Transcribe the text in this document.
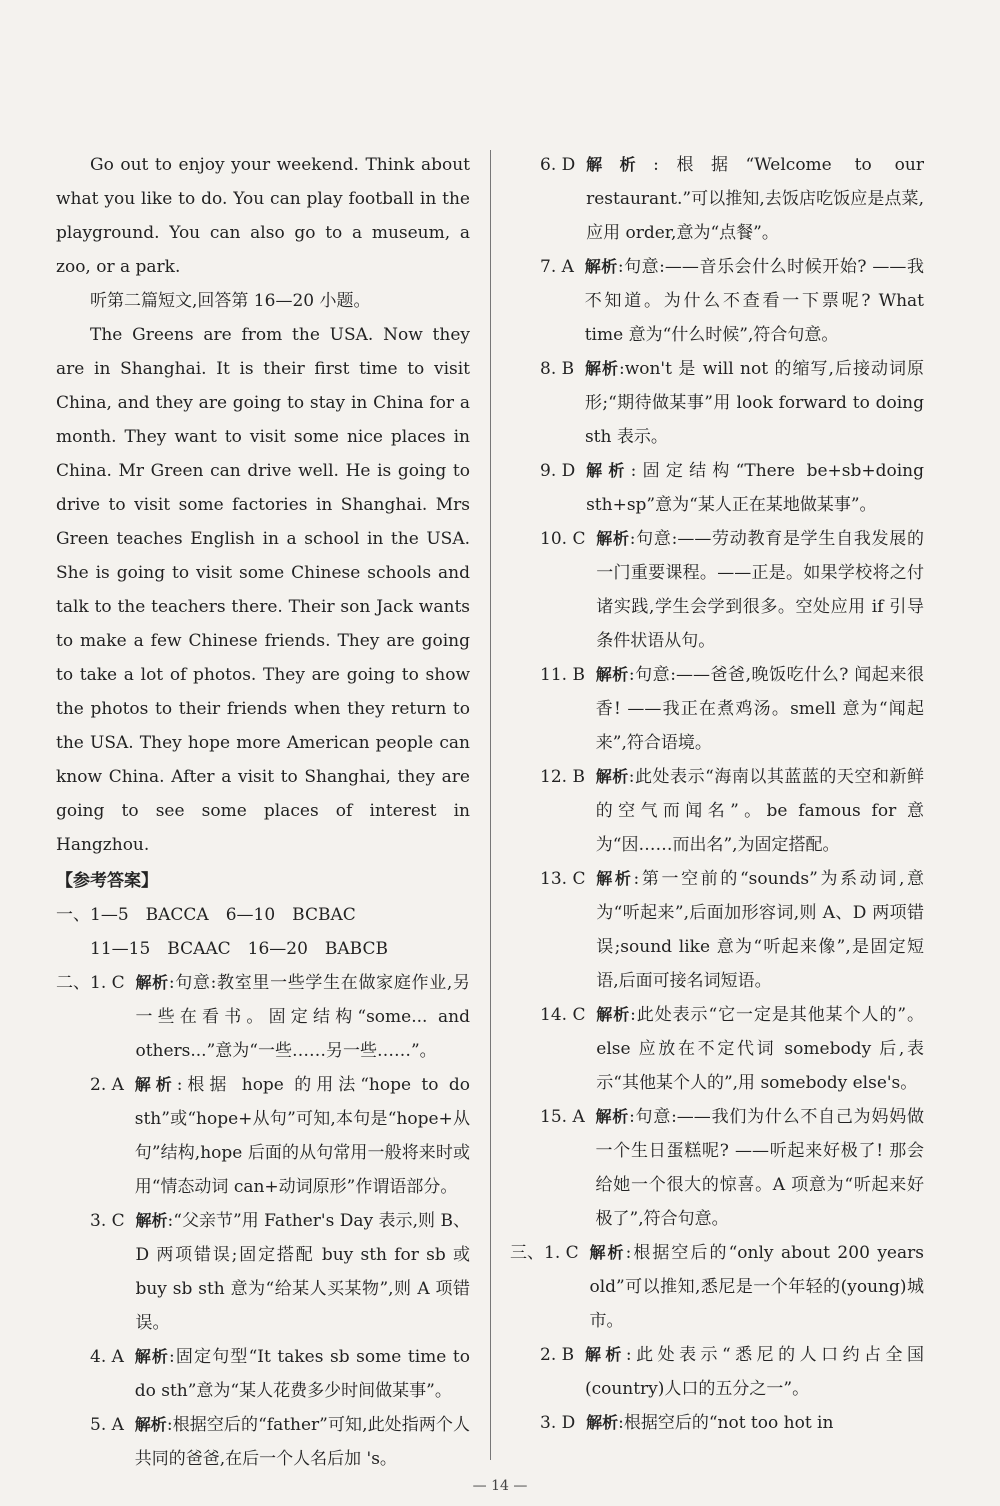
Go out to enjoy your weekend. Think about what you like to do. You can play football in the playground. You can also go to a museum, a zoo, or a park.

听第二篇短文,回答第 16—20 小题。

The Greens are from the USA. Now they are in Shanghai. It is their first time to visit China, and they are going to stay in China for a month. They want to visit some nice places in China. Mr Green can drive well. He is going to drive to visit some factories in Shanghai. Mrs Green teaches English in a school in the USA. She is going to visit some Chinese schools and talk to the teachers there. Their son Jack wants to make a few Chinese friends. They are going to take a lot of photos. They are going to show the photos to their friends when they return to the USA. They hope more American people can know China. After a visit to Shanghai, they are going to see some places of interest in Hangzhou.

【参考答案】

一、1—5　BACCA　6—10　BCBAC

　　11—15　BCAAC　16—20　BABCB

二、 1. C
解析:句意:教室里一些学生在做家庭作业,另一些在看书。固定结构“some... and others...”意为“一些……另一些……”。
2. A
解析:根据 hope 的用法“hope to do sth”或“hope+从句”可知,本句是“hope+从句”结构,hope 后面的从句常用一般将来时或用“情态动词 can+动词原形”作谓语部分。
3. C
解析:“父亲节”用 Father's Day 表示,则 B、D 两项错误;固定搭配 buy sth for sb 或 buy sb sth 意为“给某人买某物”,则 A 项错误。
4. A
解析:固定句型“It takes sb some time to do sth”意为“某人花费多少时间做某事”。
5. A
解析:根据空后的“father”可知,此处指两个人共同的爸爸,在后一个人名后加 's。
6. D
解析:根据“Welcome to our restaurant.”可以推知,去饭店吃饭应是点菜,应用 order,意为“点餐”。
7. A
解析:句意:——音乐会什么时候开始? ——我不知道。为什么不查看一下票呢? What time 意为“什么时候”,符合句意。
8. B
解析:won't 是 will not 的缩写,后接动词原形;“期待做某事”用 look forward to doing sth 表示。
9. D
解析:固定结构“There be+sb+doing sth+sp”意为“某人正在某地做某事”。
10. C
解析:句意:——劳动教育是学生自我发展的一门重要课程。——正是。如果学校将之付诸实践,学生会学到很多。空处应用 if 引导条件状语从句。
11. B
解析:句意:——爸爸,晚饭吃什么? 闻起来很香! ——我正在煮鸡汤。smell 意为“闻起来”,符合语境。
12. B
解析:此处表示“海南以其蓝蓝的天空和新鲜的空气而闻名”。be famous for 意为“因……而出名”,为固定搭配。
13. C
解析:第一空前的“sounds”为系动词,意为“听起来”,后面加形容词,则 A、D 两项错误;sound like 意为“听起来像”,是固定短语,后面可接名词短语。
14. C
解析:此处表示“它一定是其他某个人的”。else 应放在不定代词 somebody 后,表示“其他某个人的”,用 somebody else's。
15. A
解析:句意:——我们为什么不自己为妈妈做一个生日蛋糕呢? ——听起来好极了! 那会给她一个很大的惊喜。A 项意为“听起来好极了”,符合句意。
三、 1. C
解析:根据空后的“only about 200 years old”可以推知,悉尼是一个年轻的(young)城市。
2. B
解析:此处表示“悉尼的人口约占全国(country)人口的五分之一”。
3. D
解析:根据空后的“not too hot in
— 14 —
